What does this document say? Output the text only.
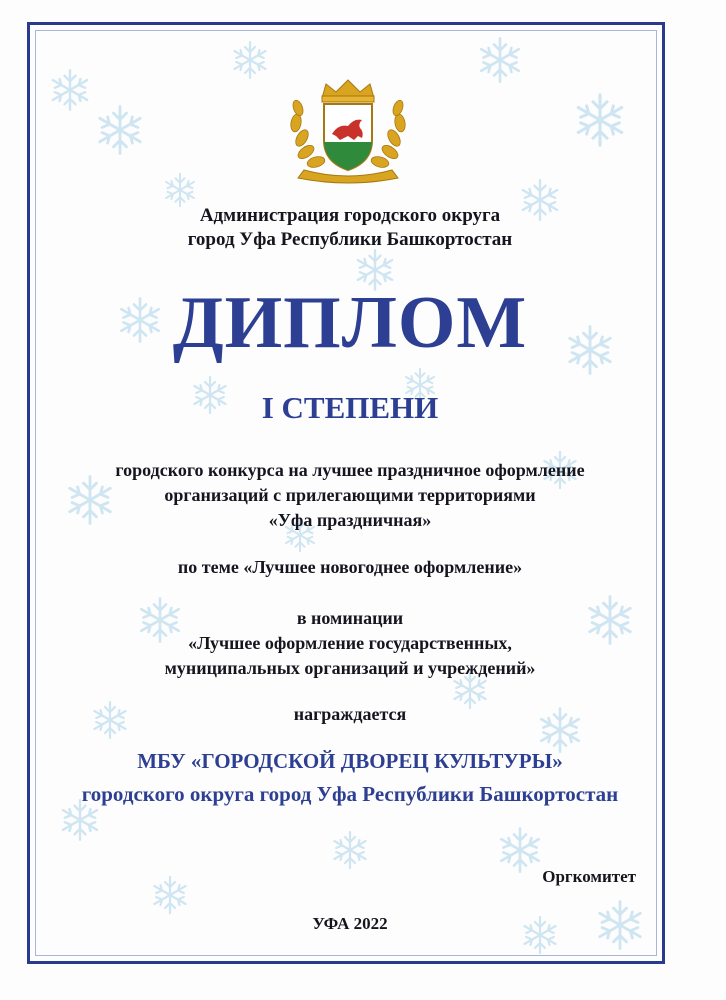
Администрация городского округа
город Уфа Республики Башкортостан
ДИПЛОМ
I СТЕПЕНИ
городского конкурса на лучшее праздничное оформление
организаций с прилегающими территориями
«Уфа праздничная»
по теме «Лучшее новогоднее оформление»
в номинации
«Лучшее оформление государственных,
муниципальных организаций и учреждений»
награждается
МБУ «ГОРОДСКОЙ ДВОРЕЦ КУЛЬТУРЫ»
городского округа город Уфа Республики Башкортостан
Оргкомитет
УФА 2022
